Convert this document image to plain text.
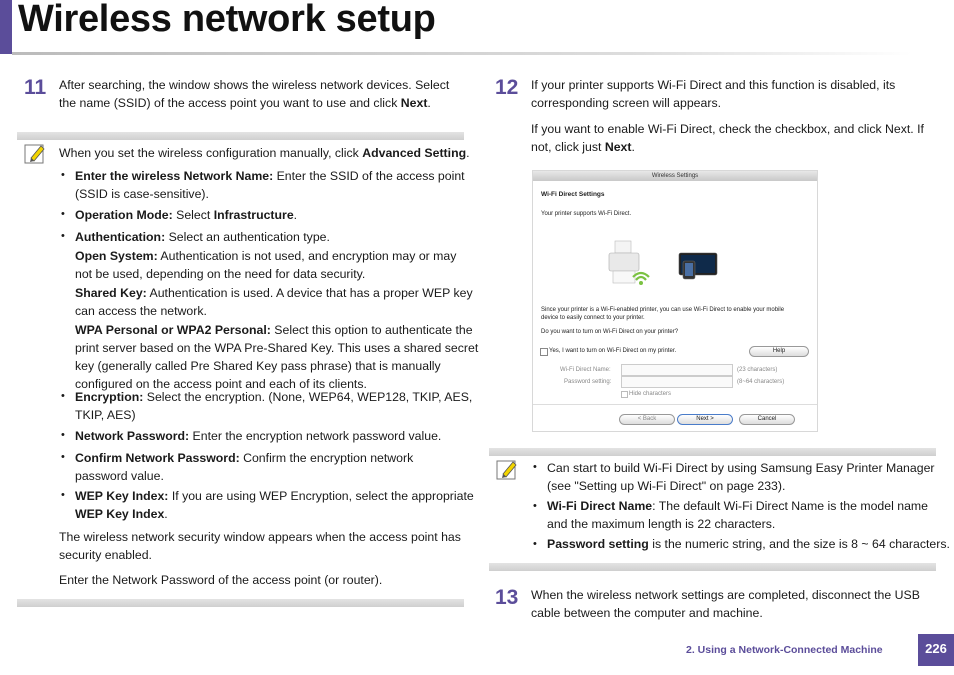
Wireless network setup
11 After searching, the window shows the wireless network devices. Select
the name (SSID) of the access point you want to use and click Next.
When you set the wireless configuration manually, click Advanced Setting.
• Enter the wireless Network Name: Enter the SSID of the access point
(SSID is case-sensitive).
• Operation Mode: Select Infrastructure.
• Authentication: Select an authentication type.
Open System: Authentication is not used, and encryption may or may
not be used, depending on the need for data security.
Shared Key: Authentication is used. A device that has a proper WEP key
can access the network.
WPA Personal or WPA2 Personal: Select this option to authenticate the
print server based on the WPA Pre-Shared Key. This uses a shared secret
key (generally called Pre Shared Key pass phrase) that is manually
configured on the access point and each of its clients.
• Encryption: Select the encryption. (None, WEP64, WEP128, TKIP, AES,
TKIP, AES)
• Network Password: Enter the encryption network password value.
• Confirm Network Password: Confirm the encryption network
password value.
• WEP Key Index: If you are using WEP Encryption, select the appropriate
WEP Key Index.
The wireless network security window appears when the access point has
security enabled.
Enter the Network Password of the access point (or router).
12 If your printer supports Wi-Fi Direct and this function is disabled, its
corresponding screen will appears.
If you want to enable Wi-Fi Direct, check the checkbox, and click Next. If
not, click just Next.
Wireless Settings
Wi-Fi Direct Settings
Your printer supports Wi-Fi Direct.
Since your printer is a Wi-Fi-enabled printer, you can use Wi-Fi Direct to enable your mobile
device to easily connect to your printer.
Do you want to turn on Wi-Fi Direct on your printer?
Yes, I want to turn on Wi-Fi Direct on my printer.	Help
Wi-Fi Direct Name:	(23 characters)
Password setting:	(8~64 characters)
Hide characters
< Back	Next >	Cancel
• Can start to build Wi-Fi Direct by using Samsung Easy Printer Manager
(see "Setting up Wi-Fi Direct" on page 233).
• Wi-Fi Direct Name: The default Wi-Fi Direct Name is the model name
and the maximum length is 22 characters.
• Password setting is the numeric string, and the size is 8 ~ 64 characters.
13 When the wireless network settings are completed, disconnect the USB
cable between the computer and machine.
2. Using a Network-Connected Machine	226
